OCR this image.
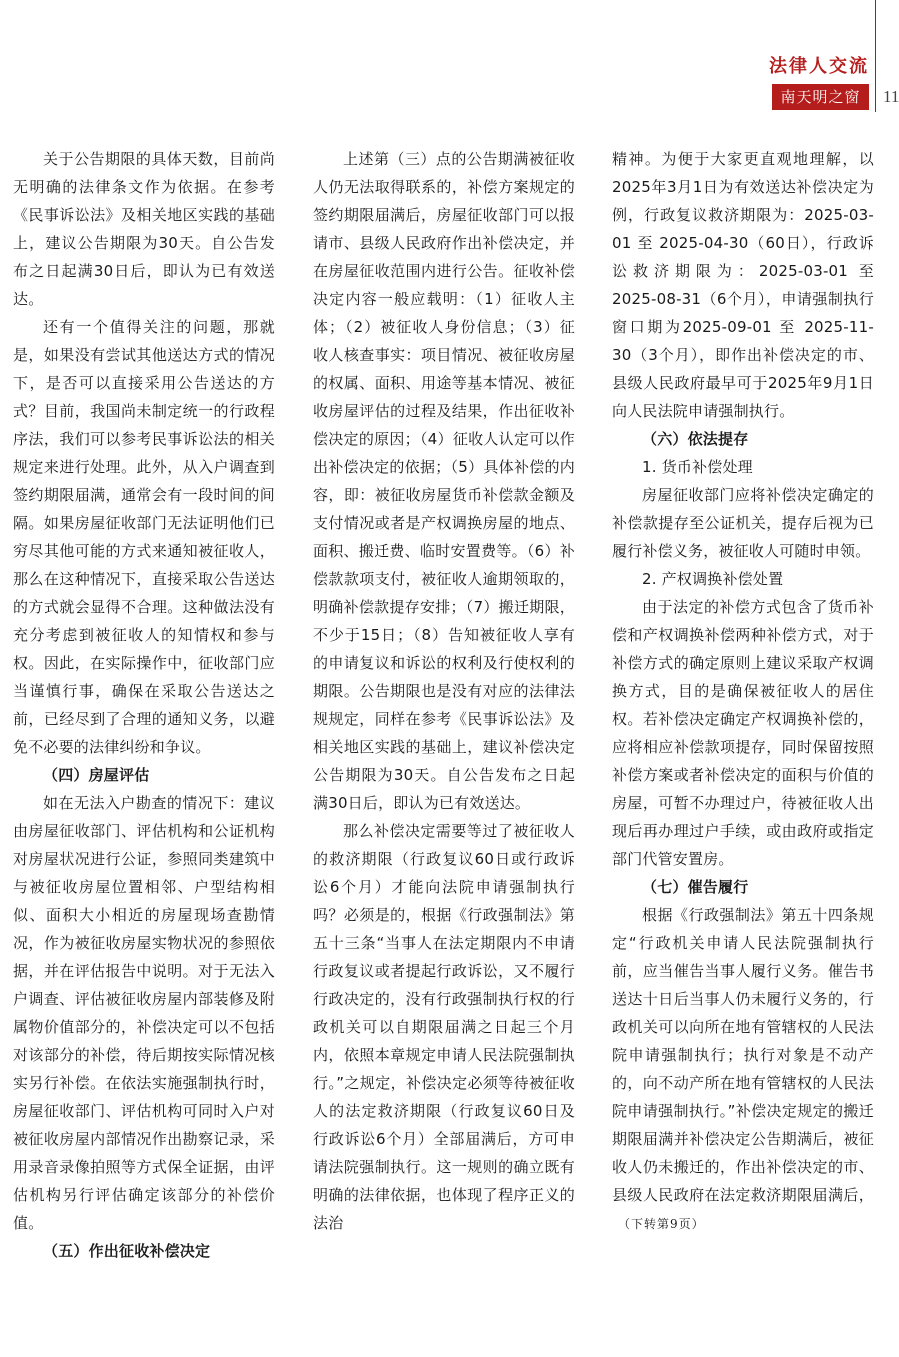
法律人交流
南天明之窗	11

关于公告期限的具体天数，目前尚无明确的法律条文作为依据。在参考《民事诉讼法》及相关地区实践的基础上，建议公告期限为30天。自公告发布之日起满30日后，即认为已有效送达。

还有一个值得关注的问题，那就是，如果没有尝试其他送达方式的情况下，是否可以直接采用公告送达的方式？目前，我国尚未制定统一的行政程序法，我们可以参考民事诉讼法的相关规定来进行处理。此外，从入户调查到签约期限届满，通常会有一段时间的间隔。如果房屋征收部门无法证明他们已穷尽其他可能的方式来通知被征收人，那么在这种情况下，直接采取公告送达的方式就会显得不合理。这种做法没有充分考虑到被征收人的知情权和参与权。因此，在实际操作中，征收部门应当谨慎行事，确保在采取公告送达之前，已经尽到了合理的通知义务，以避免不必要的法律纠纷和争议。

（四）房屋评估

如在无法入户勘查的情况下：建议由房屋征收部门、评估机构和公证机构对房屋状况进行公证，参照同类建筑中与被征收房屋位置相邻、户型结构相似、面积大小相近的房屋现场查勘情况，作为被征收房屋实物状况的参照依据，并在评估报告中说明。对于无法入户调查、评估被征收房屋内部装修及附属物价值部分的，补偿决定可以不包括对该部分的补偿，待后期按实际情况核实另行补偿。在依法实施强制执行时，房屋征收部门、评估机构可同时入户对被征收房屋内部情况作出勘察记录，采用录音录像拍照等方式保全证据，由评估机构另行评估确定该部分的补偿价值。

（五）作出征收补偿决定

上述第（三）点的公告期满被征收人仍无法取得联系的，补偿方案规定的签约期限届满后，房屋征收部门可以报请市、县级人民政府作出补偿决定，并在房屋征收范围内进行公告。征收补偿决定内容一般应载明：（1）征收人主体；（2）被征收人身份信息；（3）征收人核查事实：项目情况、被征收房屋的权属、面积、用途等基本情况、被征收房屋评估的过程及结果，作出征收补偿决定的原因；（4）征收人认定可以作出补偿决定的依据；（5）具体补偿的内容，即：被征收房屋货币补偿款金额及支付情况或者是产权调换房屋的地点、面积、搬迁费、临时安置费等。（6）补偿款款项支付，被征收人逾期领取的，明确补偿款提存安排；（7）搬迁期限，不少于15日；（8）告知被征收人享有的申请复议和诉讼的权利及行使权利的期限。公告期限也是没有对应的法律法规规定，同样在参考《民事诉讼法》及相关地区实践的基础上，建议补偿决定公告期限为30天。自公告发布之日起满30日后，即认为已有效送达。

那么补偿决定需要等过了被征收人的救济期限（行政复议60日或行政诉讼6个月）才能向法院申请强制执行吗？必须是的，根据《行政强制法》第五十三条“当事人在法定期限内不申请行政复议或者提起行政诉讼，又不履行行政决定的，没有行政强制执行权的行政机关可以自期限届满之日起三个月内，依照本章规定申请人民法院强制执行。”之规定，补偿决定必须等待被征收人的法定救济期限（行政复议60日及行政诉讼6个月）全部届满后，方可申请法院强制执行。这一规则的确立既有明确的法律依据，也体现了程序正义的法治

精神。为便于大家更直观地理解，以2025年3月1日为有效送达补偿决定为例，行政复议救济期限为：2025-03-01 至 2025-04-30（60日），行政诉讼救济期限为：2025-03-01 至 2025-08-31（6个月），申请强制执行窗口期为2025-09-01 至 2025-11-30（3个月），即作出补偿决定的市、县级人民政府最早可于2025年9月1日向人民法院申请强制执行。

（六）依法提存
1. 货币补偿处理

房屋征收部门应将补偿决定确定的补偿款提存至公证机关，提存后视为已履行补偿义务，被征收人可随时申领。

2. 产权调换补偿处置

由于法定的补偿方式包含了货币补偿和产权调换补偿两种补偿方式，对于补偿方式的确定原则上建议采取产权调换方式，目的是确保被征收人的居住权。若补偿决定确定产权调换补偿的，应将相应补偿款项提存，同时保留按照补偿方案或者补偿决定的面积与价值的房屋，可暂不办理过户，待被征收人出现后再办理过户手续，或由政府或指定部门代管安置房。

（七）催告履行

根据《行政强制法》第五十四条规定“行政机关申请人民法院强制执行前，应当催告当事人履行义务。催告书送达十日后当事人仍未履行义务的，行政机关可以向所在地有管辖权的人民法院申请强制执行；执行对象是不动产的，向不动产所在地有管辖权的人民法院申请强制执行。”补偿决定规定的搬迁期限届满并补偿决定公告期满后，被征收人仍未搬迁的，作出补偿决定的市、县级人民政府在法定救济期限届满后，（下转第9页）
